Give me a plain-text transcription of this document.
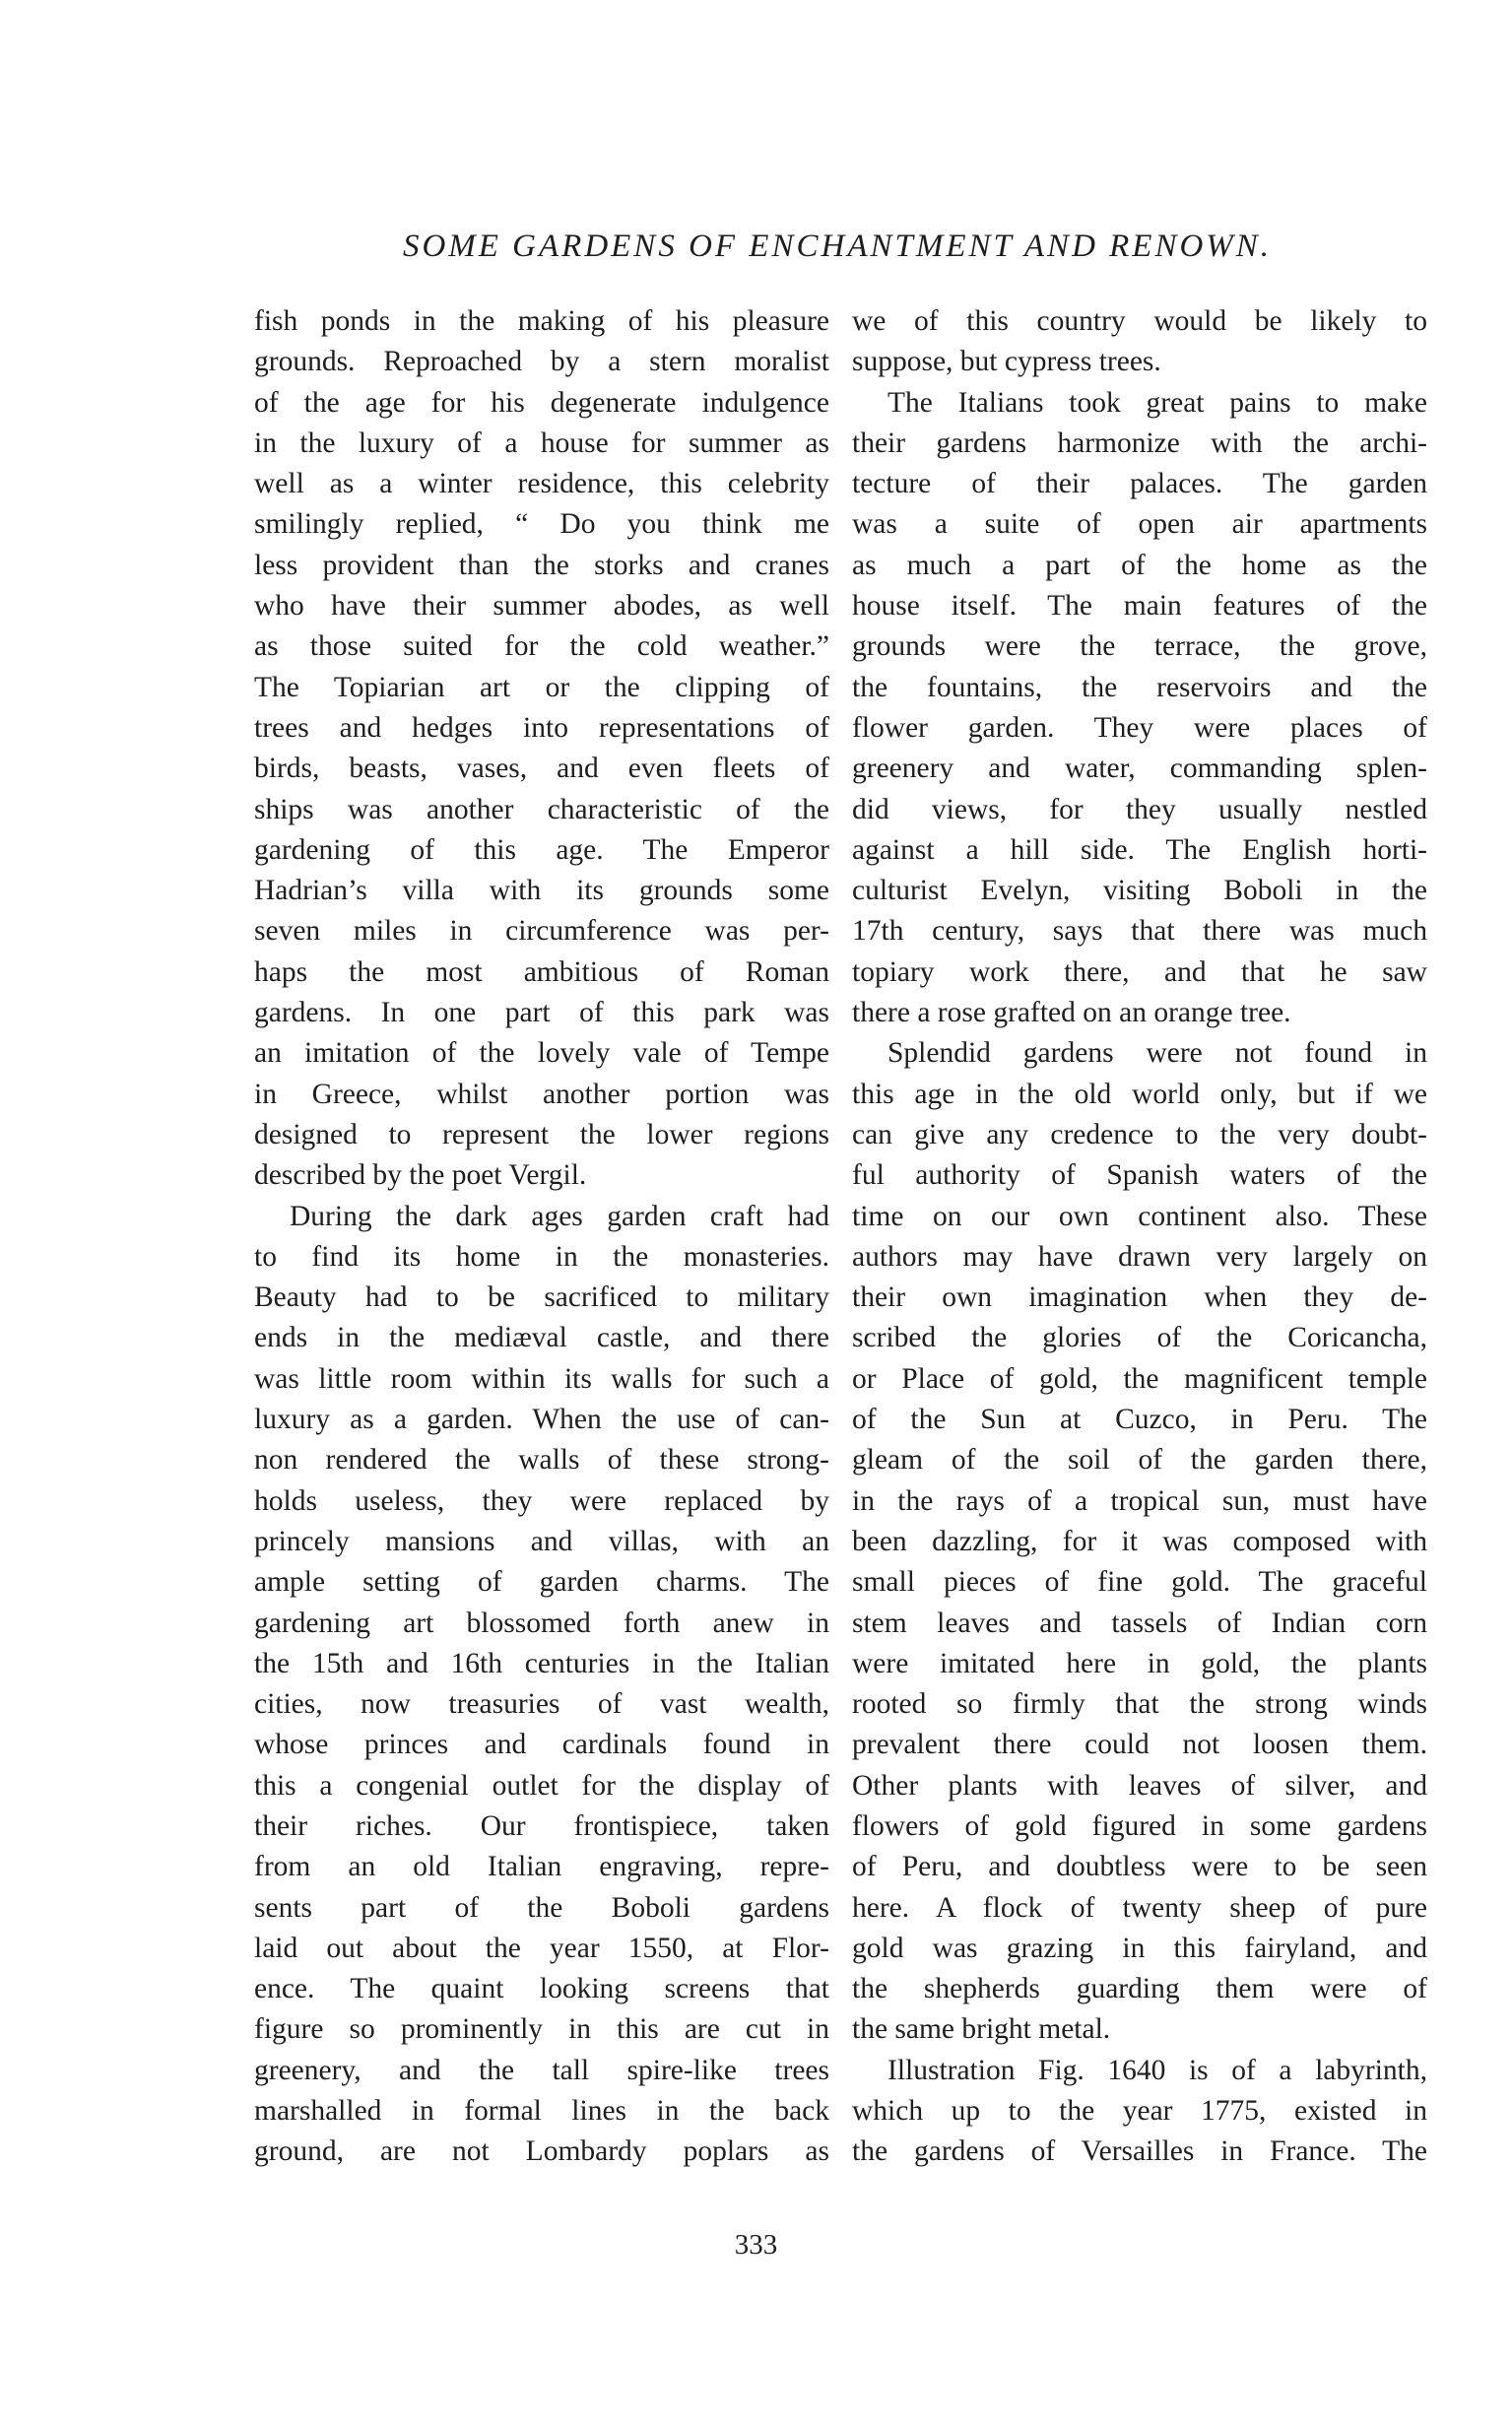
SOME GARDENS OF ENCHANTMENT AND RENOWN.
fish ponds in the making of his pleasure
grounds. Reproached by a stern moralist
of the age for his degenerate indulgence
in the luxury of a house for summer as
well as a winter residence, this celebrity
smilingly replied, “ Do you think me
less provident than the storks and cranes
who have their summer abodes, as well
as those suited for the cold weather.”
The Topiarian art or the clipping of
trees and hedges into representations of
birds, beasts, vases, and even fleets of
ships was another characteristic of the
gardening of this age. The Emperor
Hadrian’s villa with its grounds some
seven miles in circumference was per-
haps the most ambitious of Roman
gardens. In one part of this park was
an imitation of the lovely vale of Tempe
in Greece, whilst another portion was
designed to represent the lower regions
described by the poet Vergil.
During the dark ages garden craft had
to find its home in the monasteries.
Beauty had to be sacrificed to military
ends in the mediæval castle, and there
was little room within its walls for such a
luxury as a garden. When the use of can-
non rendered the walls of these strong-
holds useless, they were replaced by
princely mansions and villas, with an
ample setting of garden charms. The
gardening art blossomed forth anew in
the 15th and 16th centuries in the Italian
cities, now treasuries of vast wealth,
whose princes and cardinals found in
this a congenial outlet for the display of
their riches. Our frontispiece, taken
from an old Italian engraving, repre-
sents part of the Boboli gardens
laid out about the year 1550, at Flor-
ence. The quaint looking screens that
figure so prominently in this are cut in
greenery, and the tall spire-like trees
marshalled in formal lines in the back
ground, are not Lombardy poplars as
we of this country would be likely to
suppose, but cypress trees.
The Italians took great pains to make
their gardens harmonize with the archi-
tecture of their palaces. The garden
was a suite of open air apartments
as much a part of the home as the
house itself. The main features of the
grounds were the terrace, the grove,
the fountains, the reservoirs and the
flower garden. They were places of
greenery and water, commanding splen-
did views, for they usually nestled
against a hill side. The English horti-
culturist Evelyn, visiting Boboli in the
17th century, says that there was much
topiary work there, and that he saw
there a rose grafted on an orange tree.
Splendid gardens were not found in
this age in the old world only, but if we
can give any credence to the very doubt-
ful authority of Spanish waters of the
time on our own continent also. These
authors may have drawn very largely on
their own imagination when they de-
scribed the glories of the Coricancha,
or Place of gold, the magnificent temple
of the Sun at Cuzco, in Peru. The
gleam of the soil of the garden there,
in the rays of a tropical sun, must have
been dazzling, for it was composed with
small pieces of fine gold. The graceful
stem leaves and tassels of Indian corn
were imitated here in gold, the plants
rooted so firmly that the strong winds
prevalent there could not loosen them.
Other plants with leaves of silver, and
flowers of gold figured in some gardens
of Peru, and doubtless were to be seen
here. A flock of twenty sheep of pure
gold was grazing in this fairyland, and
the shepherds guarding them were of
the same bright metal.
Illustration Fig. 1640 is of a labyrinth,
which up to the year 1775, existed in
the gardens of Versailles in France. The

333
